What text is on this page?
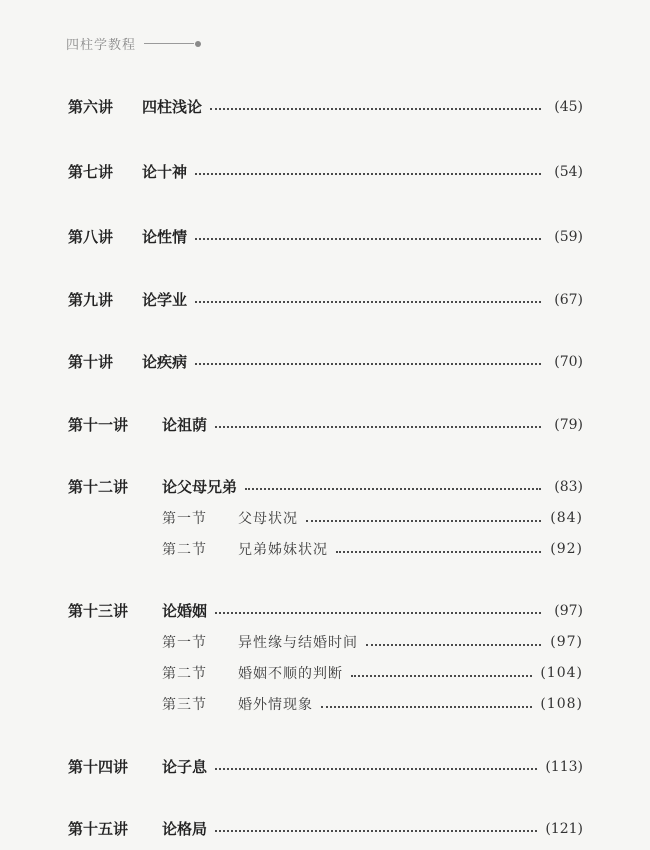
四柱学教程
第六讲	四柱浅论	(45)
第七讲	论十神	(54)
第八讲	论性情	(59)
第九讲	论学业	(67)
第十讲	论疾病	(70)
第十一讲	论祖荫	(79)
第十二讲	论父母兄弟	(83)
第一节	父母状况	(84)
第二节	兄弟姊妹状况	(92)
第十三讲	论婚姻	(97)
第一节	异性缘与结婚时间	(97)
第二节	婚姻不顺的判断	(104)
第三节	婚外情现象	(108)
第十四讲	论子息	(113)
第十五讲	论格局	(121)
